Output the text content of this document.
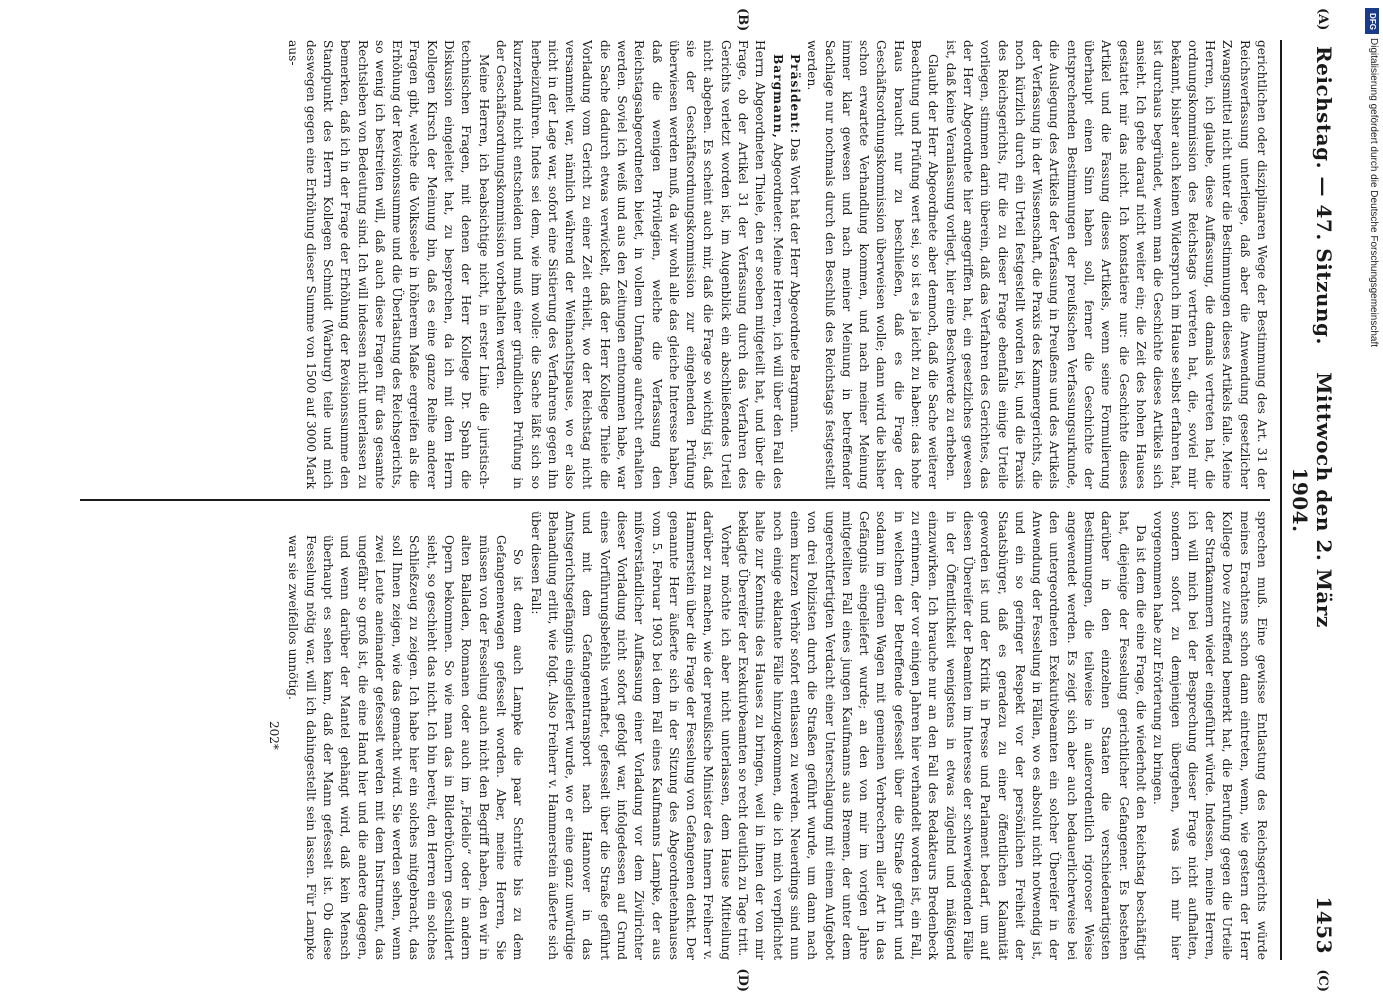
Reichstag. — 47. Sitzung.
Mittwoch den 2. März 1904.
1453

gerichtlichen oder disziplinaren Wege der Bestimmung des Art. 31 der Reichsverfassung unterliege, daß aber die Anwendung gesetzlicher Zwangsmittel nicht unter die Bestimmungen dieses Artikels falle. Meine Herren, ich glaube, diese Auffassung, die damals vertreten hat, die ordnungskommission des Reichstags vertreten hat, die, soviel mir bekannt, bisher auch keinen Widerspruch im Hause selbst erfahren hat, ist durchaus begründet, wenn man die Geschichte dieses Artikels sich ansieht. Ich gehe darauf nicht weiter ein; die Zeit des hohen Hauses gestattet mir das nicht. Ich konstatiere nur: die Geschichte dieses Artikel und die Fassung dieses Artikels, wenn seine Formulierung überhaupt einen Sinn haben soll, ferner die Geschichte der entsprechenden Bestimmungen der preußischen Verfassungsurkunde, die Auslegung des Artikels der Verfassung in Preußens und des Artikels der Verfassung in der Wissenschaft, die Praxis des Kammergerichts, die noch kürzlich durch ein Urteil festgestellt worden ist, und die Praxis des Reichsgerichts, für die zu dieser Frage ebenfalls einige Urteile vorliegen, stimmen darin überein, daß das Verfahren des Gerichtes, das der Herr Abgeordnete hier angegriffen hat, ein gesetzliches gewesen ist, daß keine Veranlassung vorliegt, hier eine Beschwerde zu erheben.

Glaubt der Herr Abgeordnete aber dennoch, daß die Sache weiterer Beachtung und Prüfung wert sei, so ist es ja leicht zu haben: das hohe Haus braucht nur zu beschließen, daß es die Frage der Geschäftsordnungskommission überweisen wolle; dann wird die bisher schon erwartete Verhandlung kommen, und nach meiner Meinung immer klar gewesen und nach meiner Meinung in betreffender Sachlage nur nochmals durch den Beschluß des Reichstags festgestellt werden.

Präsident: Das Wort hat der Herr Abgeordnete Bargmann.

Bargmann, Abgeordneter: Meine Herren, ich will über den Fall des Herrn Abgeordneten Thiele, den er soeben mitgeteilt hat, und über die Frage, ob der Artikel 31 der Verfassung durch das Verfahren des Gerichts verletzt worden ist, im Augenblick ein abschließendes Urteil nicht abgeben. Es scheint auch mir, daß die Frage so wichtig ist, daß sie der Geschäftsordnungskommission zur eingehenden Prüfung überwiesen werden muß, da wir wohl alle das gleiche Interesse haben, daß die wenigen Privilegien, welche die Verfassung den Reichstagsabgeordneten bietet, in vollem Umfange aufrecht erhalten werden. Soviel ich weiß und aus den Zeitungen entnommen habe, war die Sache dadurch etwas verwickelt, daß der Herr Kollege Thiele die Vorladung vom Gericht zu einer Zeit erhielt, wo der Reichstag nicht versammelt war, nämlich während der Weihnachtspause, wo er also nicht in der Lage war, sofort eine Sistierung des Verfahrens gegen ihn herbeizuführen. Indes sei dem, wie ihm wolle: die Sache läßt sich so kurzerhand nicht entscheiden und muß einer gründlichen Prüfung in der Geschäftsordnungskommission vorbehalten werden.

Meine Herren, ich beabsichtige nicht, in erster Linie die juristisch-technischen Fragen, mit denen der Herr Kollege Dr. Spahn die Diskussion eingeleitet hat, zu besprechen, da ich mit dem Herrn Kollegen Kirsch der Meinung bin, daß es eine ganze Reihe anderer Fragen gibt, welche die Volksseele in höherem Maße ergreifen als die Erhöhung der Revisionssumme und die Überlastung des Reichsgerichts, so wenig ich bestreiten will, daß auch diese Fragen für das gesamte Rechtsleben von Bedeutung sind. Ich will indessen nicht unterlassen zu bemerken, daß ich in der Frage der Erhöhung der Revisionssumme den Standpunkt des Herrn Kollegen Schmidt (Warburg) teile und mich deswegen gegen eine Erhöhung dieser Summe von 1500 auf 3000 Mark aus-

sprechen muß. Eine gewisse Entlastung des Reichsgerichts würde meines Erachtens schon dann eintreten, wenn, wie gestern der Herr Kollege Dove zutreffend bemerkt hat, die Berufung gegen die Urteile der Strafkammern wieder eingeführt würde. Indessen, meine Herren, ich will mich bei der Besprechung dieser Frage nicht aufhalten, sondern sofort zu demjenigen übergehen, was ich mir hier vorgenommen habe zur Erörterung zu bringen.

Da ist dem die eine Frage, die wiederholt den Reichstag beschäftigt hat, diejenige der Fesselung gerichtlicher Gefangener. Es bestehen darüber in den einzelnen Staaten die verschiedenartigsten Bestimmungen, die teilweise in außerordentlich rigoroser Weise angewendet werden. Es zeigt sich aber auch bedauerlicherweise bei den untergeordneten Exekutivbeamten ein solcher Übereifer in der Anwendung der Fesselung in Fällen, wo es absolut nicht notwendig ist, und ein so geringer Respekt vor der persönlichen Freiheit der Staatsbürger, daß es geradezu zu einer öffentlichen Kalamität geworden ist und der Kritik in Presse und Parlament bedarf, um auf diesen Übereifer der Beamten im Interesse der schwerwiegenden Fälle in der Öffentlichkeit wenigstens in etwas zügelnd und mäßigend einzuwirken. Ich brauche nur an den Fall des Redakteurs Bredenbeck zu erinnern, der vor einigen Jahren hier verhandelt worden ist, ein Fall, in welchem der Betreffende gefesselt über die Straße geführt und sodann im grünen Wagen mit gemeinen Verbrechern aller Art in das Gefängnis eingeliefert wurde; an den von mir im vorigen Jahre mitgeteilten Fall eines jungen Kaufmanns aus Bremen, der unter dem ungerechtfertigten Verdacht einer Unterschlagung mit einem Aufgebot von drei Polizisten durch die Straßen geführt wurde, um dann nach einem kurzen Verhör sofort entlassen zu werden. Neuerdings sind nun noch einige eklatante Fälle hinzugekommen, die ich mich verpflichtet halte zur Kenntnis des Hauses zu bringen, weil in ihnen der von mir beklagte Übereifer der Exekutivbeamten so recht deutlich zu Tage tritt.

Vorher möchte ich aber nicht unterlassen, dem Hause Mitteilung darüber zu machen, wie der preußische Minister des Innern Freiherr v. Hammerstein über die Frage der Fesselung von Gefangenen denkt. Der genannte Herr äußerte sich in der Sitzung des Abgeordnetenhauses vom 5. Februar 1903 bei dem Fall eines Kaufmanns Lampke, der aus mißverständlicher Auffassung einer Vorladung vor dem Zivilrichter dieser Vorladung nicht sofort gefolgt war, infolgedessen auf Grund eines Vorführungsbefehls verhaftet, gefesselt über die Straße geführt und mit dem Gefangenentransport nach Hannover in das Amtsgerichtsgefängnis eingeliefert wurde, wo er eine ganz unwürdige Behandlung erlitt, wie folgt. Also Freiherr v. Hammerstein äußerte sich über diesen Fall:

So ist denn auch Lampke die paar Schritte bis zu dem Gefangenenwagen gefesselt worden. Aber, meine Herren, Sie müssen von der Fesselung auch nicht den Begriff haben, den wir in alten Balladen, Romanen oder auch im „Fidelio“ oder in andern Opern bekommen. So wie man das in Bilderbüchern geschildert sieht, so geschieht das nicht. Ich bin bereit, den Herren ein solches Schließzeug zu zeigen. Ich habe hier ein solches mitgebracht, das soll Ihnen zeigen, wie das gemacht wird. Sie werden sehen, wenn zwei Leute aneinander gefesselt werden mit dem Instrument, das ungefähr so groß ist, die eine Hand hier und die andere dagegen, und wenn darüber der Mantel gehängt wird, daß kein Mensch überhaupt es sehen kann, daß der Mann gefesselt ist. Ob diese Fesselung nötig war, will ich dahingestellt sein lassen. Für Lampke war sie zweifellos unnötig.

202*
(A)
(B)
(C)
(D)
DFG
Digitalisierung gefördert durch die Deutsche Forschungsgemeinschaft
